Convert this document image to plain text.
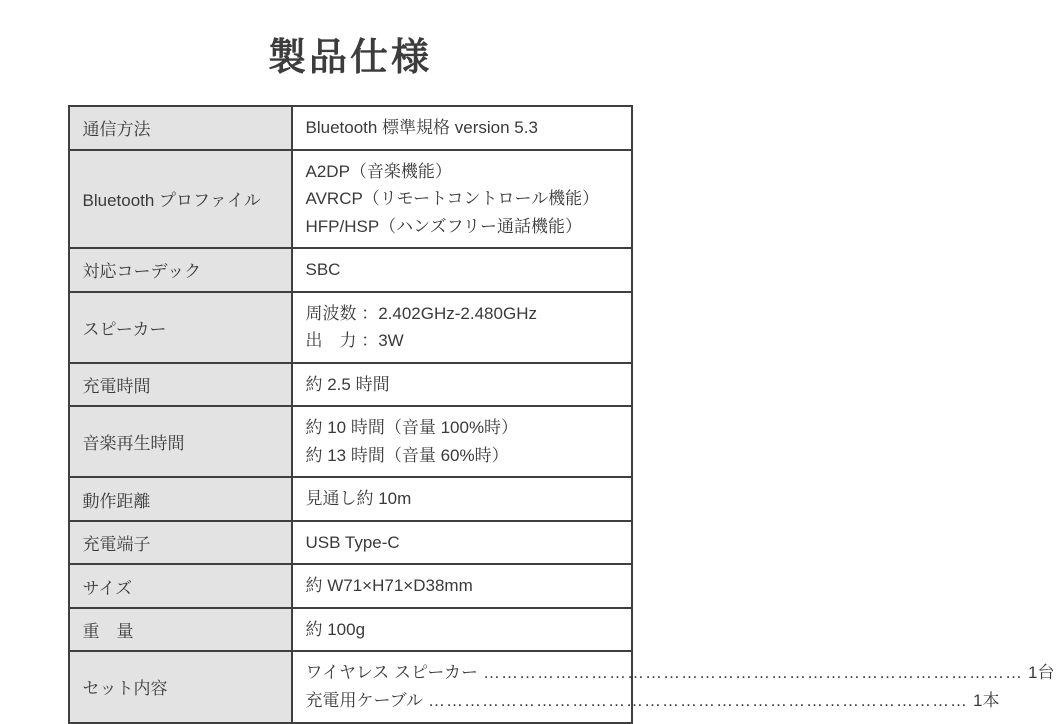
製品仕様
通信方法	Bluetooth 標準規格 version 5.3

Bluetooth プロファイル	A2DP（音楽機能）
AVRCP（リモートコントロール機能）
HFP/HSP（ハンズフリー通話機能）

対応コーデック	SBC

スピーカー	周波数 ：2.402GHz-2.480GHz
出　力 ：3W

充電時間	約 2.5 時間

音楽再生時間	約 10 時間（音量 100%時）
約 13 時間（音量 60%時）

動作距離	見通し約 10m

充電端子	USB Type-C

サイズ	約 W71×H71×D38mm

重　量	約 100g

セット内容	
ワイヤレス スピーカー ……………………………………………………………………………… 1台
充電用ケーブル ……………………………………………………………………………… 1本
